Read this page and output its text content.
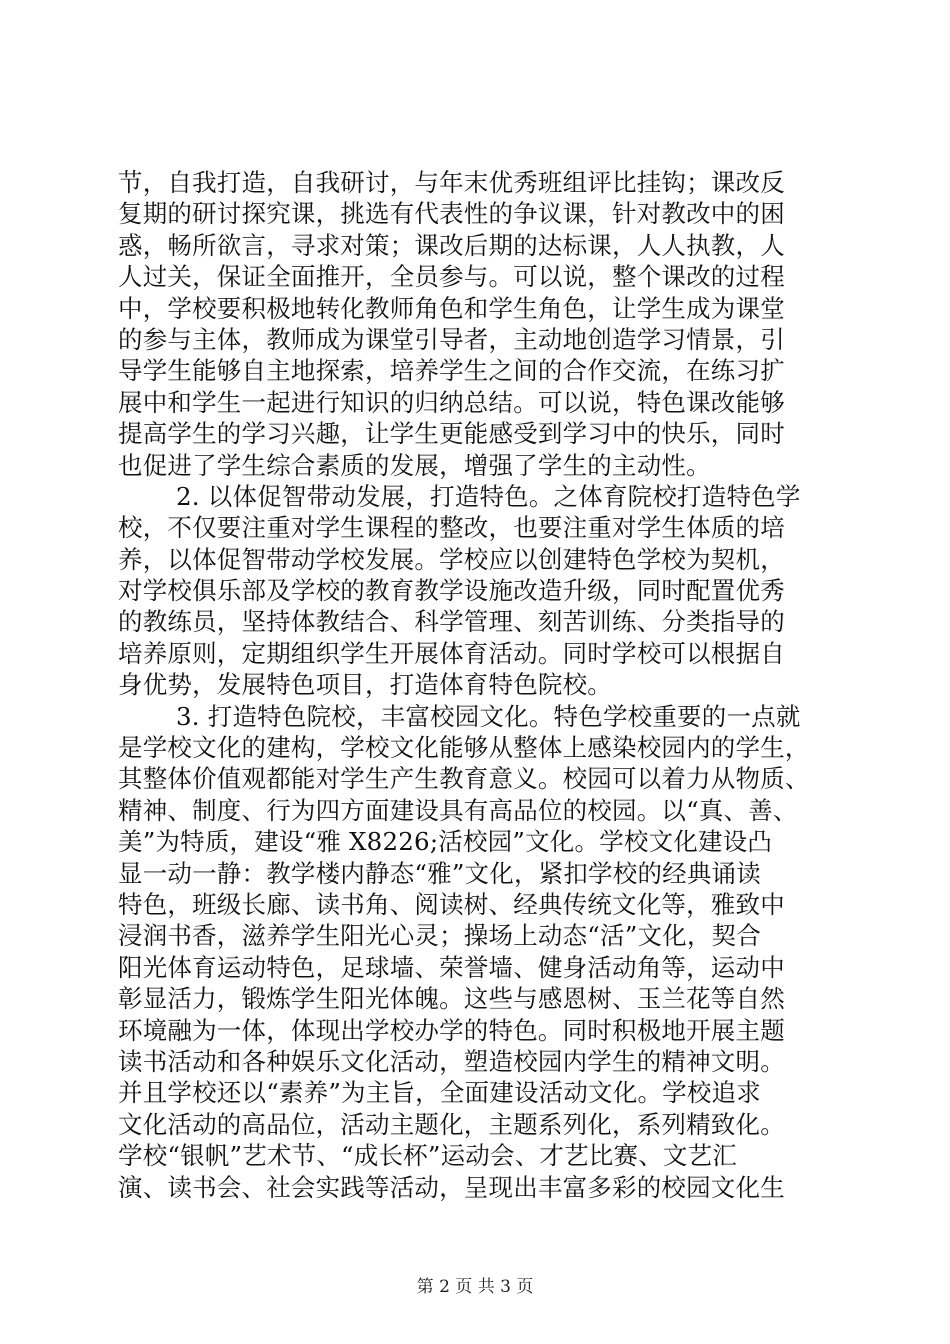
节，自我打造，自我研讨，与年末优秀班组评比挂钩；课改反
复期的研讨探究课，挑选有代表性的争议课，针对教改中的困
惑，畅所欲言，寻求对策；课改后期的达标课，人人执教，人
人过关，保证全面推开，全员参与。可以说，整个课改的过程
中，学校要积极地转化教师角色和学生角色，让学生成为课堂
的参与主体，教师成为课堂引导者，主动地创造学习情景，引
导学生能够自主地探索，培养学生之间的合作交流，在练习扩
展中和学生一起进行知识的归纳总结。可以说，特色课改能够
提高学生的学习兴趣，让学生更能感受到学习中的快乐，同时
也促进了学生综合素质的发展，增强了学生的主动性。
2. 以体促智带动发展，打造特色。之体育院校打造特色学
校，不仅要注重对学生课程的整改，也要注重对学生体质的培
养，以体促智带动学校发展。学校应以创建特色学校为契机，
对学校俱乐部及学校的教育教学设施改造升级，同时配置优秀
的教练员，坚持体教结合、科学管理、刻苦训练、分类指导的
培养原则，定期组织学生开展体育活动。同时学校可以根据自
身优势，发展特色项目，打造体育特色院校。
3. 打造特色院校，丰富校园文化。特色学校重要的一点就
是学校文化的建构，学校文化能够从整体上感染校园内的学生，
其整体价值观都能对学生产生教育意义。校园可以着力从物质、
精神、制度、行为四方面建设具有高品位的校园。以“真、善、
美”为特质，建设“雅 X8226;活校园”文化。学校文化建设凸
显一动一静：教学楼内静态“雅”文化，紧扣学校的经典诵读
特色，班级长廊、读书角、阅读树、经典传统文化等，雅致中
浸润书香，滋养学生阳光心灵；操场上动态“活”文化，契合
阳光体育运动特色，足球墙、荣誉墙、健身活动角等，运动中
彰显活力，锻炼学生阳光体魄。这些与感恩树、玉兰花等自然
环境融为一体，体现出学校办学的特色。同时积极地开展主题
读书活动和各种娱乐文化活动，塑造校园内学生的精神文明。
并且学校还以“素养”为主旨，全面建设活动文化。学校追求
文化活动的高品位，活动主题化，主题系列化，系列精致化。
学校“银帆”艺术节、“成长杯”运动会、才艺比赛、文艺汇
演、读书会、社会实践等活动，呈现出丰富多彩的校园文化生
第 2 页 共 3 页
